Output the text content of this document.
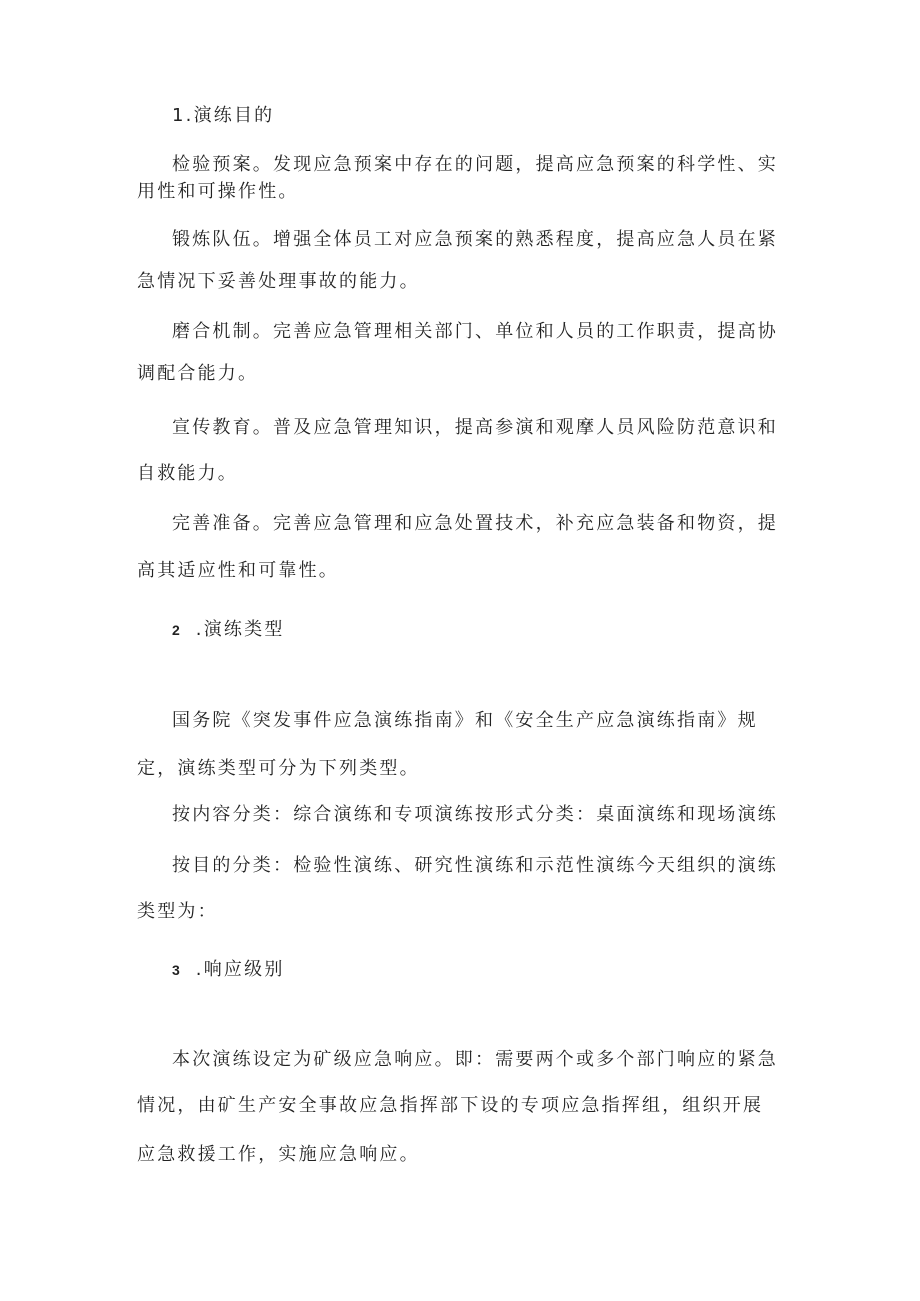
1.演练目的
检验预案。发现应急预案中存在的问题，提高应急预案的科学性、实
用性和可操作性。
锻炼队伍。增强全体员工对应急预案的熟悉程度，提高应急人员在紧
急情况下妥善处理事故的能力。
磨合机制。完善应急管理相关部门、单位和人员的工作职责，提高协
调配合能力。
宣传教育。普及应急管理知识，提高参演和观摩人员风险防范意识和
自救能力。
完善准备。完善应急管理和应急处置技术，补充应急装备和物资，提
高其适应性和可靠性。
2 .演练类型
国务院《突发事件应急演练指南》和《安全生产应急演练指南》规
定，演练类型可分为下列类型。
按内容分类：综合演练和专项演练按形式分类：桌面演练和现场演练
按目的分类：检验性演练、研究性演练和示范性演练今天组织的演练
类型为：
3 .响应级别
本次演练设定为矿级应急响应。即：需要两个或多个部门响应的紧急
情况，由矿生产安全事故应急指挥部下设的专项应急指挥组，组织开展
应急救援工作，实施应急响应。
